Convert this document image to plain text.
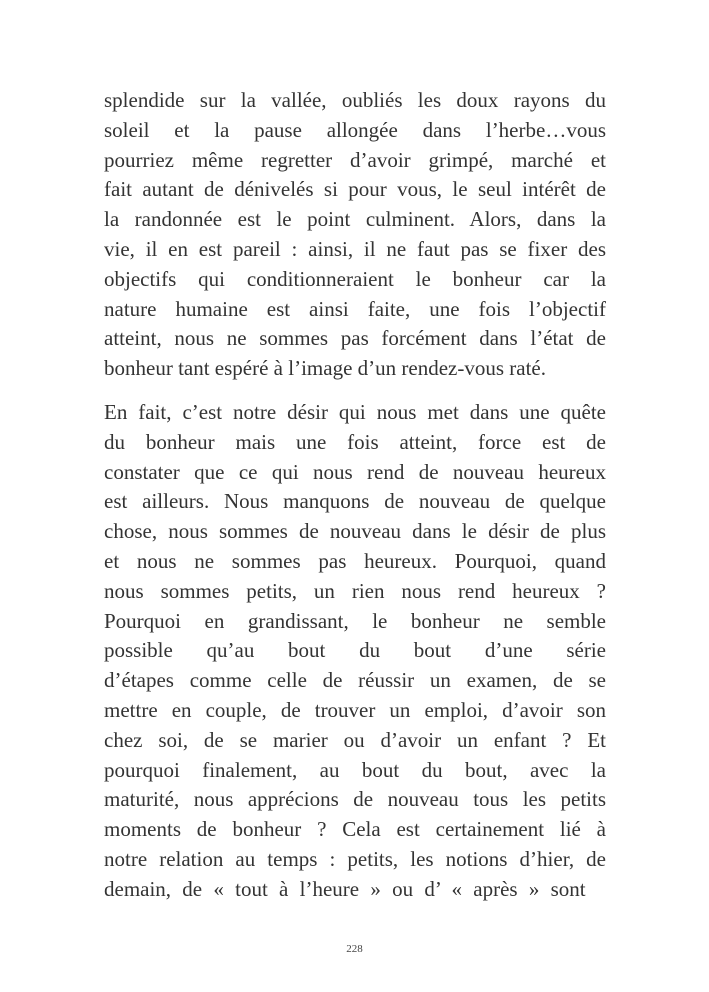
splendide sur la vallée, oubliés les doux rayons du
soleil et la pause allongée dans l’herbe…vous
pourriez même regretter d’avoir grimpé, marché et
fait autant de dénivelés si pour vous, le seul intérêt de
la randonnée est le point culminent. Alors, dans la
vie, il en est pareil : ainsi, il ne faut pas se fixer des
objectifs qui conditionneraient le bonheur car la
nature humaine est ainsi faite, une fois l’objectif
atteint, nous ne sommes pas forcément dans l’état de
bonheur tant espéré à l’image d’un rendez-vous raté.
En fait, c’est notre désir qui nous met dans une quête
du bonheur mais une fois atteint, force est de
constater que ce qui nous rend de nouveau heureux
est ailleurs. Nous manquons de nouveau de quelque
chose, nous sommes de nouveau dans le désir de plus
et nous ne sommes pas heureux. Pourquoi, quand
nous sommes petits, un rien nous rend heureux ?
Pourquoi en grandissant, le bonheur ne semble
possible qu’au bout du bout d’une série
d’étapes comme celle de réussir un examen, de se
mettre en couple, de trouver un emploi, d’avoir son
chez soi, de se marier ou d’avoir un enfant ? Et
pourquoi finalement, au bout du bout, avec la
maturité, nous apprécions de nouveau tous les petits
moments de bonheur ? Cela est certainement lié à
notre relation au temps : petits, les notions d’hier, de
demain, de « tout à l’heure » ou d’ « après » sont
228
